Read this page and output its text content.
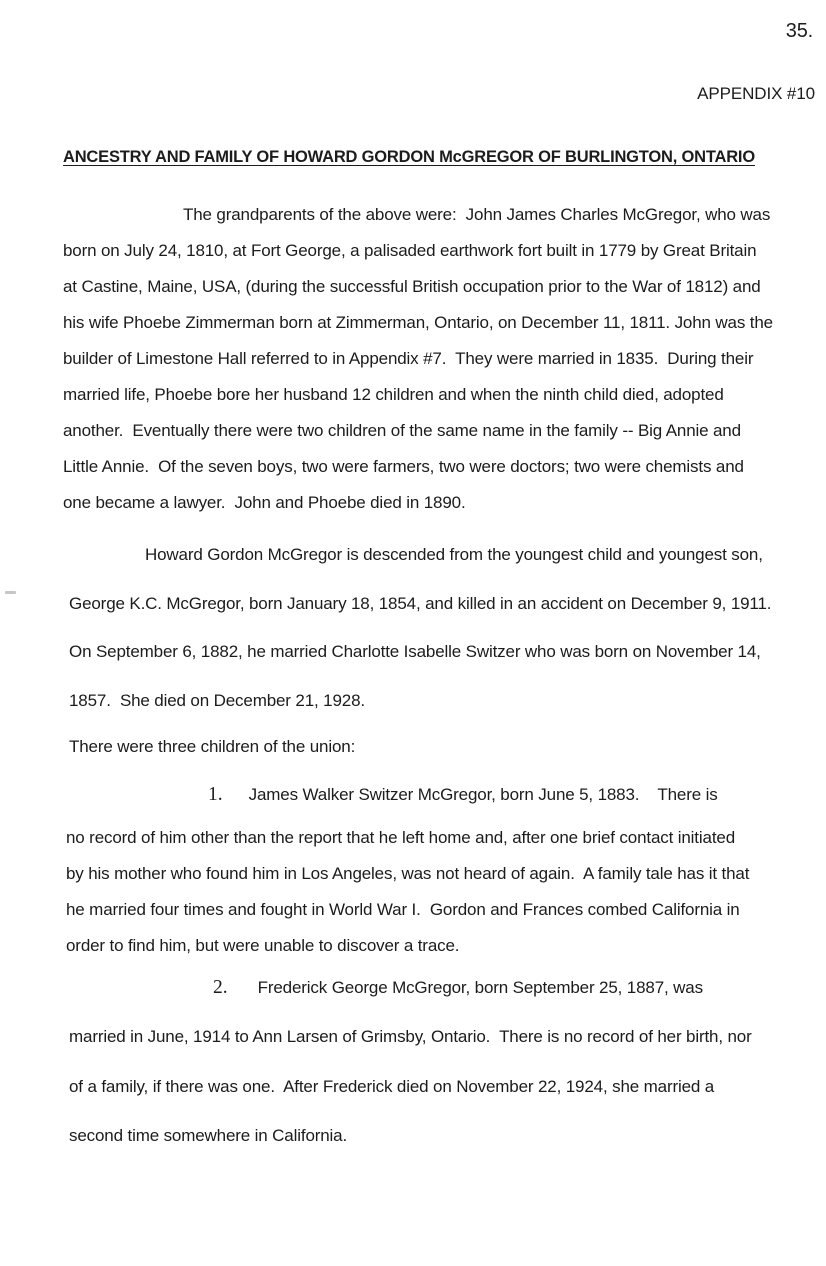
35.
APPENDIX #10
ANCESTRY AND FAMILY OF HOWARD GORDON McGREGOR OF BURLINGTON, ONTARIO
The grandparents of the above were:  John James Charles McGregor, who was
born on July 24, 1810, at Fort George, a palisaded earthwork fort built in 1779 by Great Britain
at Castine, Maine, USA, (during the successful British occupation prior to the War of 1812) and
his wife Phoebe Zimmerman born at Zimmerman, Ontario, on December 11, 1811. John was the
builder of Limestone Hall referred to in Appendix #7.  They were married in 1835.  During their
married life, Phoebe bore her husband 12 children and when the ninth child died, adopted
another.  Eventually there were two children of the same name in the family -- Big Annie and
Little Annie.  Of the seven boys, two were farmers, two were doctors; two were chemists and
one became a lawyer.  John and Phoebe died in 1890.
Howard Gordon McGregor is descended from the youngest child and youngest son,
George K.C. McGregor, born January 18, 1854, and killed in an accident on December 9, 1911.
On September 6, 1882, he married Charlotte Isabelle Switzer who was born on November 14,
1857.  She died on December 21, 1928.
There were three children of the union:
1. James Walker Switzer McGregor, born June 5, 1883.    There is
no record of him other than the report that he left home and, after one brief contact initiated
by his mother who found him in Los Angeles, was not heard of again.  A family tale has it that
he married four times and fought in World War I.  Gordon and Frances combed California in
order to find him, but were unable to discover a trace.
2. Frederick George McGregor, born September 25, 1887, was
married in June, 1914 to Ann Larsen of Grimsby, Ontario.  There is no record of her birth, nor
of a family, if there was one.  After Frederick died on November 22, 1924, she married a
second time somewhere in California.
